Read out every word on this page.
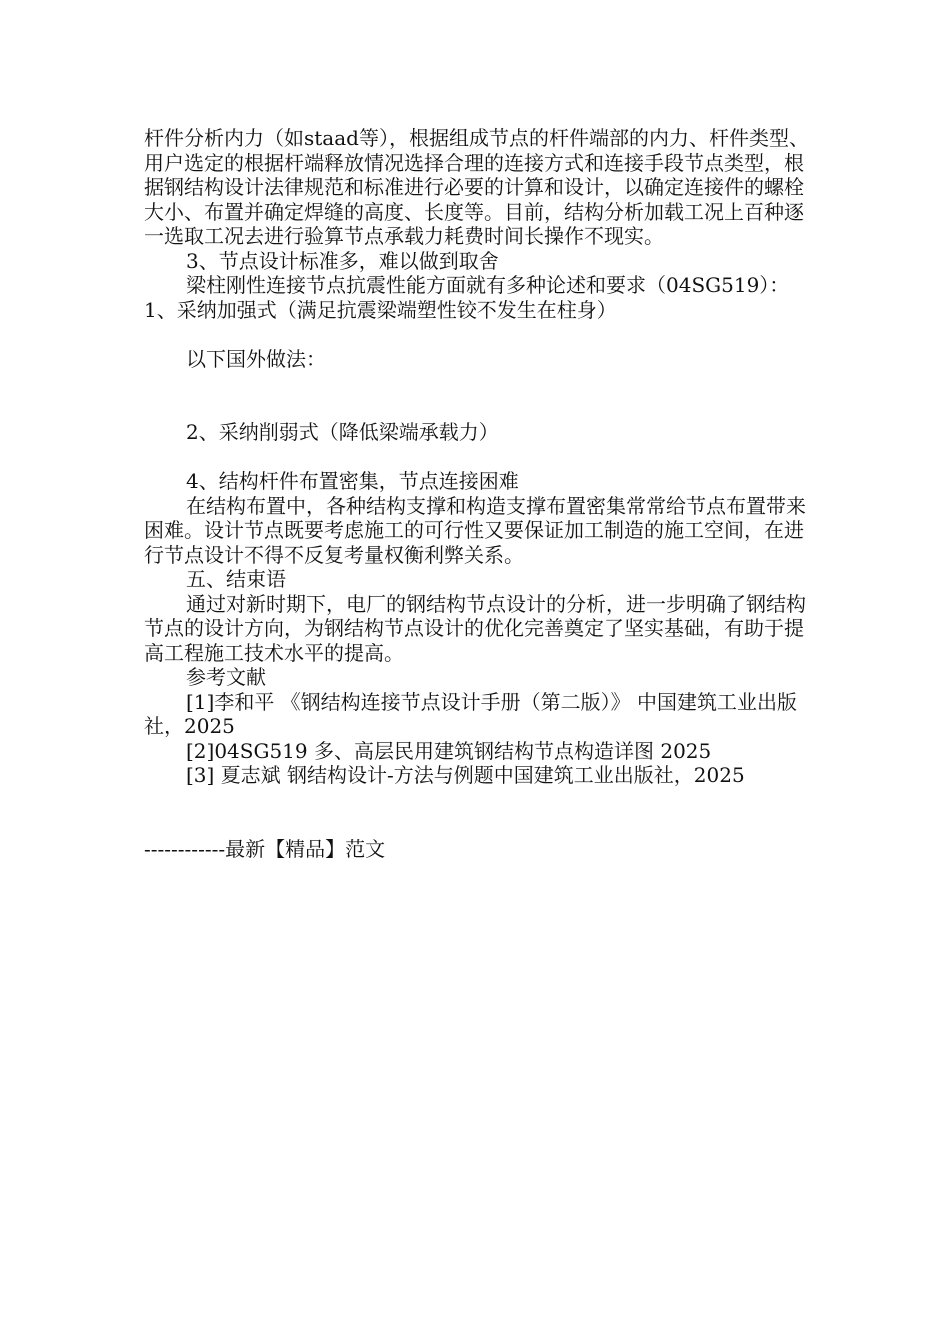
杆件分析内力（如staad等），根据组成节点的杆件端部的内力、杆件类型、用户选定的根据杆端释放情况选择合理的连接方式和连接手段节点类型，根据钢结构设计法律规范和标准进行必要的计算和设计，以确定连接件的螺栓大小、布置并确定焊缝的高度、长度等。目前，结构分析加载工况上百种逐一选取工况去进行验算节点承载力耗费时间长操作不现实。

3、节点设计标准多，难以做到取舍

梁柱刚性连接节点抗震性能方面就有多种论述和要求（04SG519）：1、采纳加强式（满足抗震梁端塑性铰不发生在柱身）

以下国外做法：

2、采纳削弱式（降低梁端承载力）

4、结构杆件布置密集，节点连接困难

在结构布置中，各种结构支撑和构造支撑布置密集常常给节点布置带来困难。设计节点既要考虑施工的可行性又要保证加工制造的施工空间，在进行节点设计不得不反复考量权衡利弊关系。

五、结束语

通过对新时期下，电厂的钢结构节点设计的分析，进一步明确了钢结构节点的设计方向，为钢结构节点设计的优化完善奠定了坚实基础，有助于提高工程施工技术水平的提高。

参考文献

[1]李和平 《钢结构连接节点设计手册（第二版）》 中国建筑工业出版社，2025

[2]04SG519 多、高层民用建筑钢结构节点构造详图 2025

[3] 夏志斌 钢结构设计-方法与例题中国建筑工业出版社，2025

------------最新【精品】范文
